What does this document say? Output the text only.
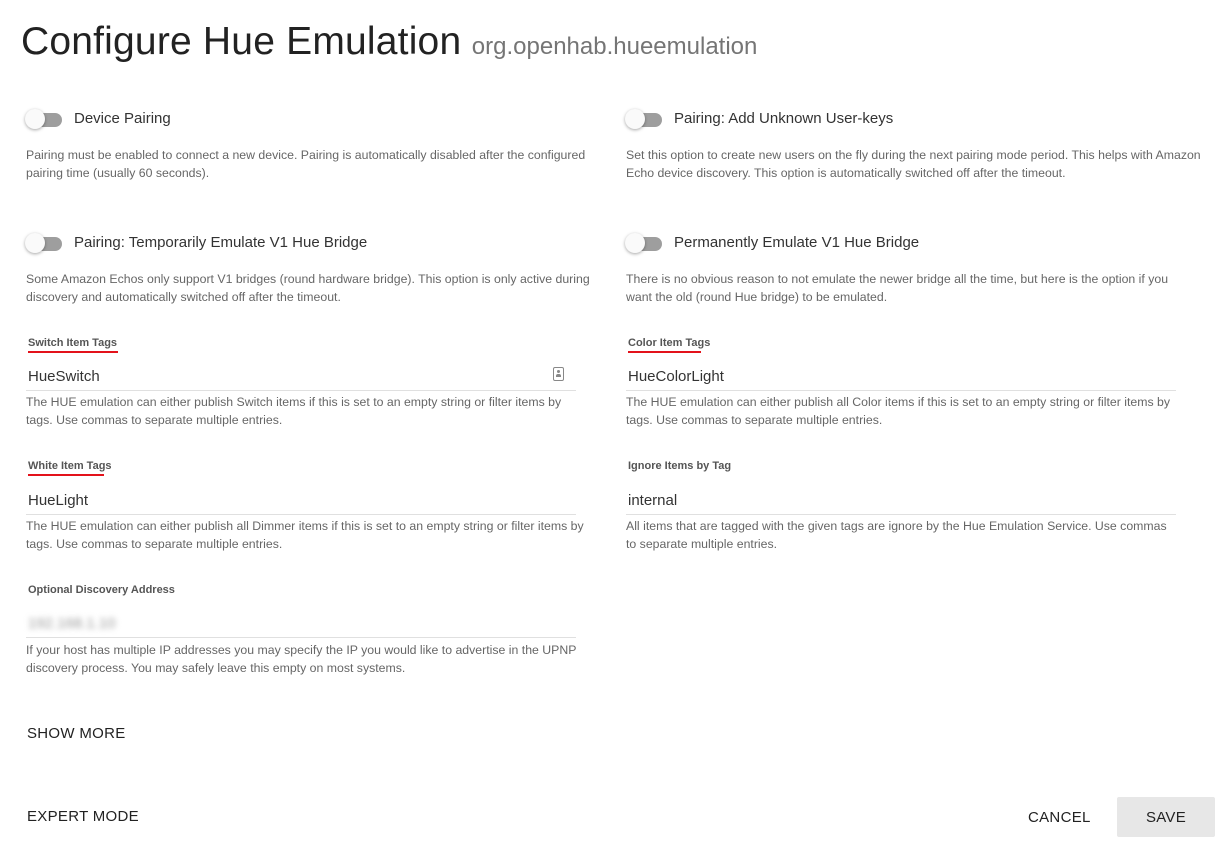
Configure Hue Emulation org.openhab.hueemulation
Device Pairing
Pairing must be enabled to connect a new device. Pairing is automatically disabled after the configured pairing time (usually 60 seconds).
Pairing: Add Unknown User-keys
Set this option to create new users on the fly during the next pairing mode period. This helps with Amazon Echo device discovery. This option is automatically switched off after the timeout.
Pairing: Temporarily Emulate V1 Hue Bridge
Some Amazon Echos only support V1 bridges (round hardware bridge). This option is only active during discovery and automatically switched off after the timeout.
Permanently Emulate V1 Hue Bridge
There is no obvious reason to not emulate the newer bridge all the time, but here is the option if you want the old (round Hue bridge) to be emulated.
Switch Item Tags
HueSwitch
The HUE emulation can either publish Switch items if this is set to an empty string or filter items by tags. Use commas to separate multiple entries.
Color Item Tags
HueColorLight
The HUE emulation can either publish all Color items if this is set to an empty string or filter items by tags. Use commas to separate multiple entries.
White Item Tags
HueLight
The HUE emulation can either publish all Dimmer items if this is set to an empty string or filter items by tags. Use commas to separate multiple entries.
Ignore Items by Tag
internal
All items that are tagged with the given tags are ignore by the Hue Emulation Service. Use commas to separate multiple entries.
Optional Discovery Address
192.168.1.10
If your host has multiple IP addresses you may specify the IP you would like to advertise in the UPNP discovery process. You may safely leave this empty on most systems.
SHOW MORE
EXPERT MODE	CANCEL	SAVE
